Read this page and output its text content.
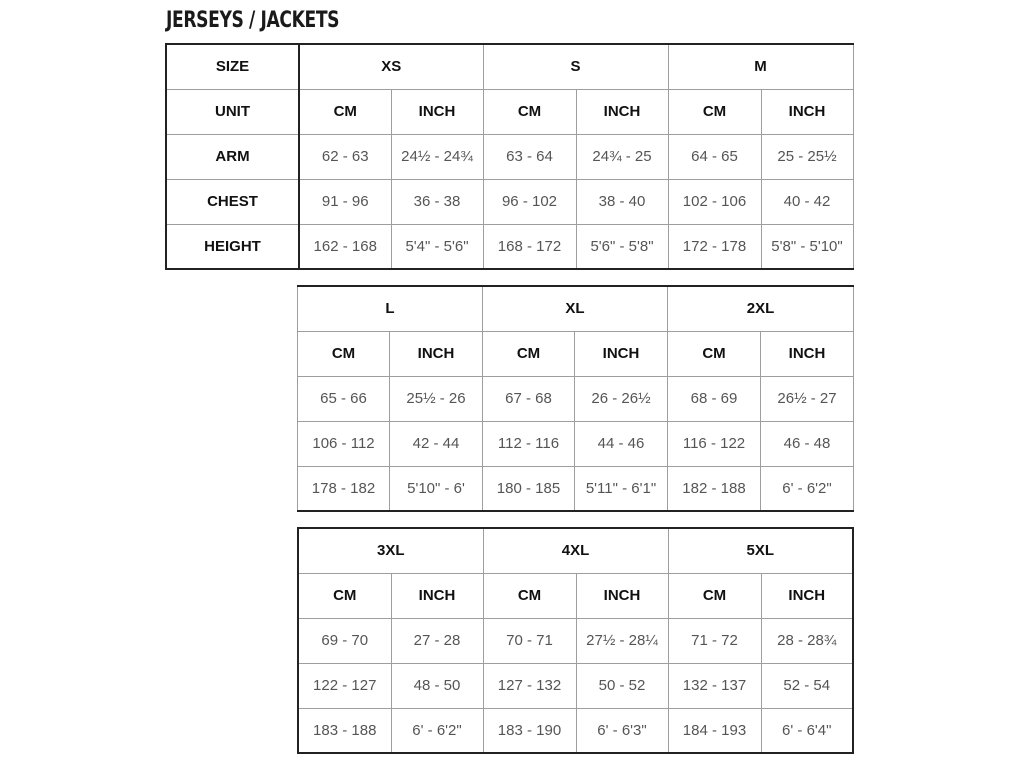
JERSEYS / JACKETS
SIZE	XS		S		M	
UNIT	CM	INCH	CM	INCH	CM	INCH
ARM	62 - 63	24½ - 24¾	63 - 64	24¾ - 25	64 - 65	25 - 25½
CHEST	91 - 96	36 - 38	96 - 102	38 - 40	102 - 106	40 - 42
HEIGHT	162 - 168	5'4" - 5'6"	168 - 172	5'6" - 5'8"	172 - 178	5'8" - 5'10"
L		XL		2XL	
CM	INCH	CM	INCH	CM	INCH
65 - 66	25½ - 26	67 - 68	26 - 26½	68 - 69	26½ - 27
106 - 112	42 - 44	112 - 116	44 - 46	116 - 122	46 - 48
178 - 182	5'10" - 6'	180 - 185	5'11" - 6'1"	182 - 188	6' - 6'2"
3XL		4XL		5XL	
CM	INCH	CM	INCH	CM	INCH
69 - 70	27 - 28	70 - 71	27½ - 28¼	71 - 72	28 - 28¾
122 - 127	48 - 50	127 - 132	50 - 52	132 - 137	52 - 54
183 - 188	6' - 6'2"	183 - 190	6' - 6'3"	184 - 193	6' - 6'4"
